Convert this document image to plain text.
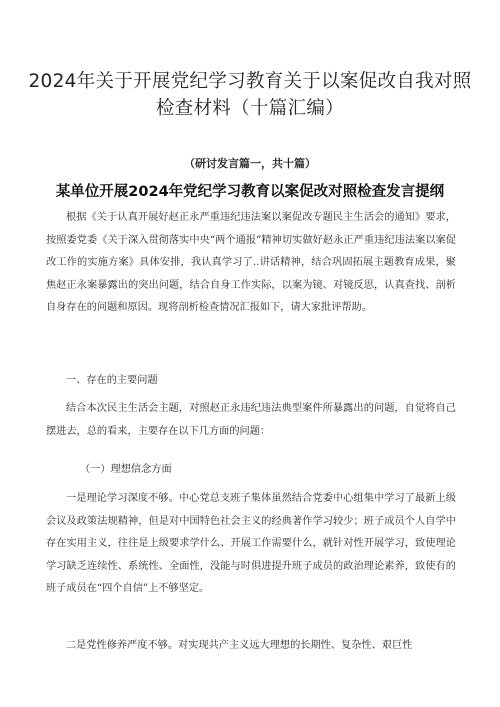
2024年关于开展党纪学习教育关于以案促改自我对照
检查材料（十篇汇编）
（研讨发言篇一，共十篇）
某单位开展2024年党纪学习教育以案促改对照检查发言提纲

根据《关于认真开展好赵正永严重违纪违法案以案促改专题民主生活会的通知》要求，按照委党委《关于深入贯彻落实中央“两个通报”精神切实做好赵永正严重违纪违法案以案促改工作的实施方案》具体安排，我认真学习了..讲话精神，结合巩固拓展主题教育成果，聚焦赵正永案暴露出的突出问题，结合自身工作实际，以案为镜、对镜反思，认真查找、剖析自身存在的问题和原因。现将剖析检查情况汇报如下，请大家批评帮助。

一、存在的主要问题

结合本次民主生活会主题，对照赵正永违纪违法典型案件所暴露出的问题，自觉将自己摆进去，总的看来，主要存在以下几方面的问题：

（一）理想信念方面

一是理论学习深度不够。中心党总支班子集体虽然结合党委中心组集中学习了最新上级会议及政策法规精神，但是对中国特色社会主义的经典著作学习较少；班子成员个人自学中存在实用主义，往往是上级要求学什么、开展工作需要什么，就针对性开展学习，致使理论学习缺乏连续性、系统性、全面性，没能与时俱进提升班子成员的政治理论素养，致使有的班子成员在“四个自信”上不够坚定。

二是党性修养严度不够。对实现共产主义远大理想的长期性、复杂性、艰巨性
